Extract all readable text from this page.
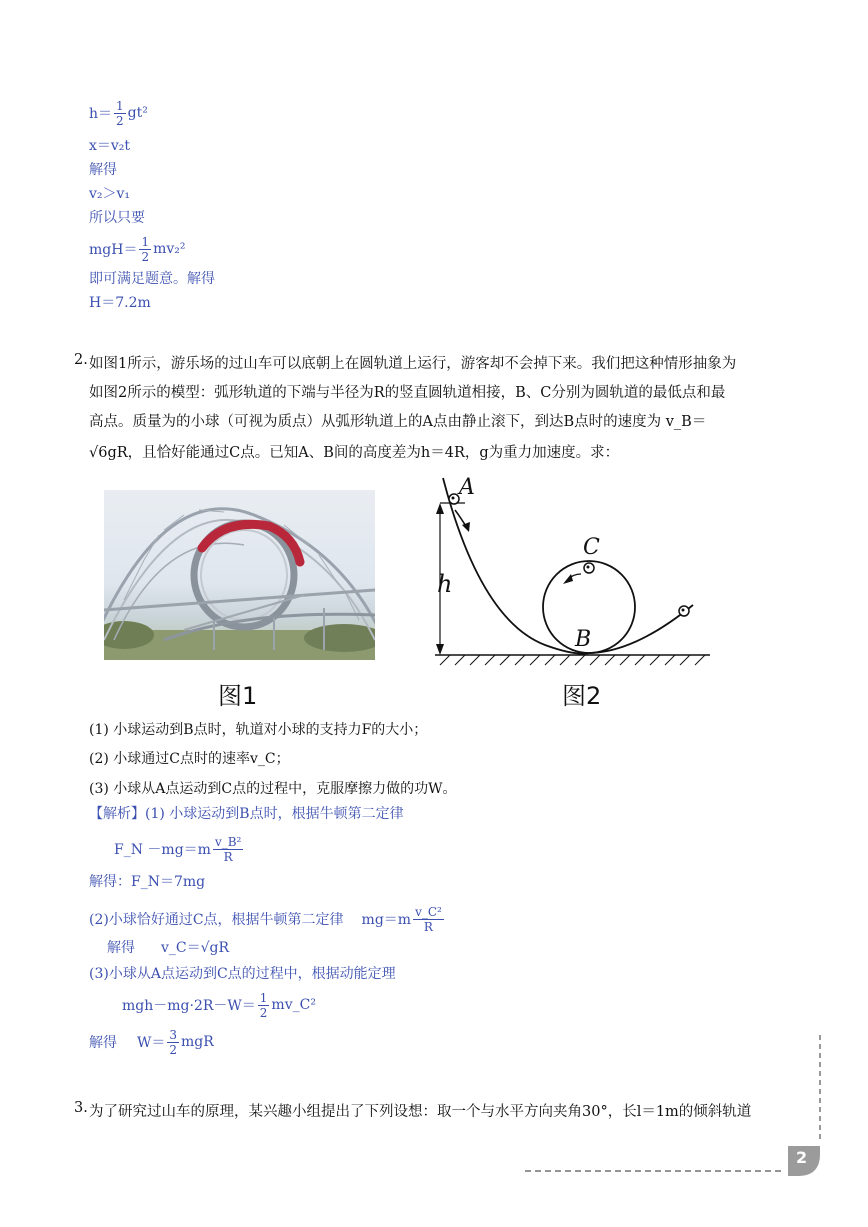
$h= \frac{1}{2} gt^2$
x＝v₂t
解得
v₂＞v₁
所以只要
$mgH= \frac{1}{2} mv_2^2$
即可满足题意。解得
H＝7.2m
2. 如图1所示，游乐场的过山车可以底朝上在圆轨道上运行，游客却不会掉下来。我们把这种情形抽象为
如图2所示的模型：弧形轨道的下端与半径为R的竖直圆轨道相接，B、C分别为圆轨道的最低点和最
高点。质量为的小球（可视为质点）从弧形轨道上的A点由静止滚下，到达B点时的速度为 v_B＝
√6gR，且恰好能通过C点。已知A、B间的高度差为h＝4R，g为重力加速度。求：
图1
A
C
B
h
图2
(1) 小球运动到B点时，轨道对小球的支持力F的大小；
(2) 小球通过C点时的速率v_C；
(3) 小球从A点运动到C点的过程中，克服摩擦力做的功W。
【解析】(1) 小球运动到B点时，根据牛顿第二定律
F_N $-mg=m \frac{\text{v\_B²}}{R}$
解得：F_N＝7mg
(2)小球恰好通过C点，根据牛顿第二定律 $mg=m \frac{\text{v\_C²}}{R}$
解得 v_C＝√gR
(3)小球从A点运动到C点的过程中，根据动能定理
$mgh-mg\cdot 2R-W= \frac{1}{2}$ mv_C²
解得 $W= \frac{3}{2}$ mgR
3. 为了研究过山车的原理，某兴趣小组提出了下列设想：取一个与水平方向夹角30°，长l＝1m的倾斜轨道
2
